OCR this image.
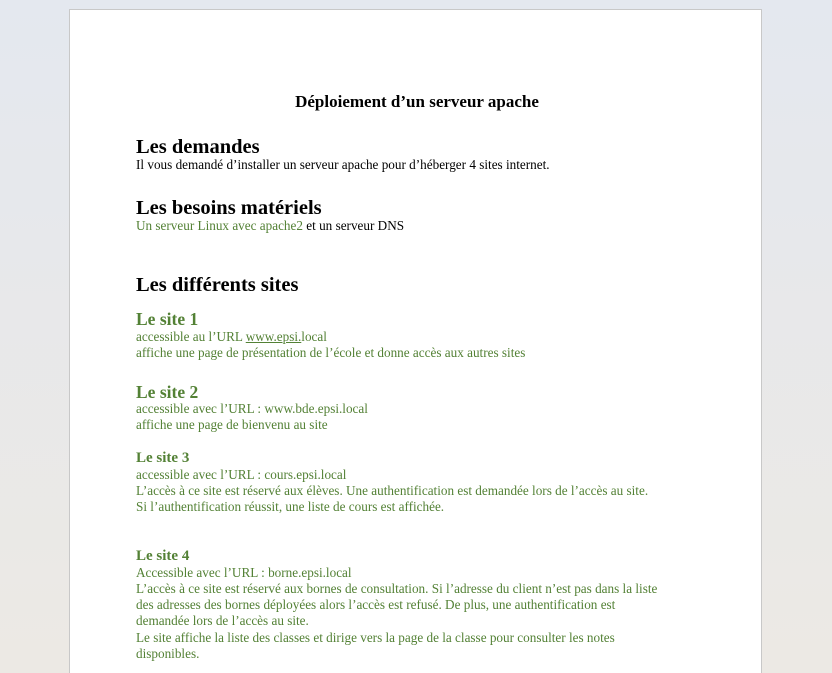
Déploiement d’un serveur apache
Les demandes

Il vous demandé d’installer un serveur apache pour d’héberger 4 sites internet.

Les besoins matériels

Un serveur Linux avec apache2 et un serveur DNS

Les différents sites
Le site 1

accessible au l’URL www.epsi.local

affiche une page de présentation de l’école et donne accès aux autres sites

Le site 2

accessible avec l’URL : www.bde.epsi.local

affiche une page de bienvenu au site

Le site 3

accessible avec l’URL : cours.epsi.local

L’accès à ce site est réservé aux élèves. Une authentification est demandée lors de l’accès au site.

Si l’authentification réussit, une liste de cours est affichée.

Le site 4

Accessible avec l’URL : borne.epsi.local

L’accès à ce site est réservé aux bornes de consultation. Si l’adresse du client n’est pas dans la liste

des adresses des bornes déployées alors l’accès est refusé. De plus, une authentification est

demandée lors de l’accès au site.

Le site affiche la liste des classes et dirige vers la page de la classe pour consulter les notes

disponibles.
